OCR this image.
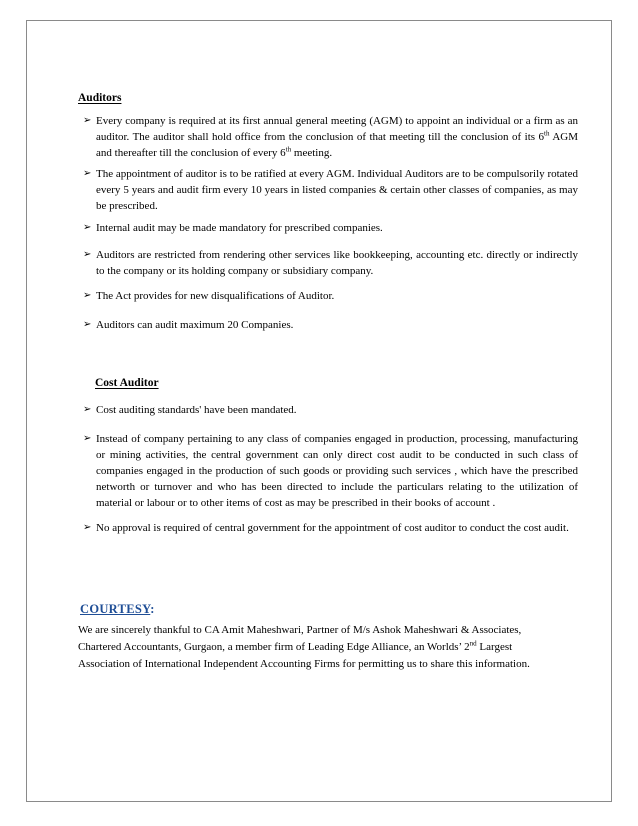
Auditors
➢ Every company is required at its first annual general meeting (AGM) to appoint an individual or a firm as an auditor. The auditor shall hold office from the conclusion of that meeting till the conclusion of its 6th AGM and thereafter till the conclusion of every 6th meeting.
➢ The appointment of auditor is to be ratified at every AGM. Individual Auditors are to be compulsorily rotated every 5 years and audit firm every 10 years in listed companies & certain other classes of companies, as may be prescribed.
➢ Internal audit may be made mandatory for prescribed companies.
➢ Auditors are restricted from rendering other services like bookkeeping, accounting etc. directly or indirectly to the company or its holding company or subsidiary company.
➢ The Act provides for new disqualifications of Auditor.
➢ Auditors can audit maximum 20 Companies.
Cost Auditor
➢ Cost auditing standards' have been mandated.
➢ Instead of company pertaining to any class of companies engaged in production, processing, manufacturing or mining activities, the central government can only direct cost audit to be conducted in such class of companies engaged in the production of such goods or providing such services , which have the prescribed networth or turnover and who has been directed to include the particulars relating to the utilization of material or labour or to other items of cost as may be prescribed in their books of account .
➢ No approval is required of central government for the appointment of cost auditor to conduct the cost audit.
COURTESY:
We are sincerely thankful to CA Amit Maheshwari, Partner of M/s Ashok Maheshwari & Associates,
Chartered Accountants, Gurgaon, a member firm of Leading Edge Alliance, an Worlds’ 2nd Largest
Association of International Independent Accounting Firms for permitting us to share this information.
